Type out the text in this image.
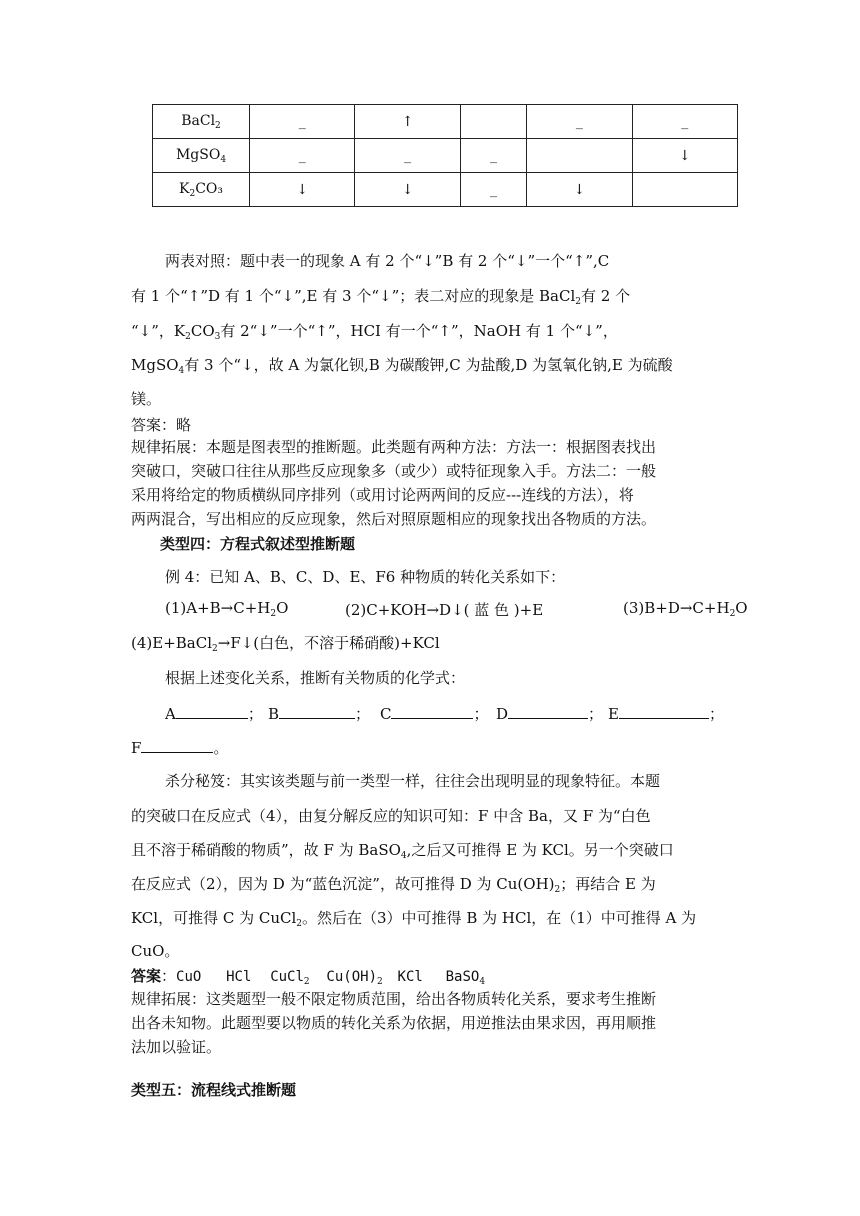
BaCl$_2$	_	↑		_	_
MgSO$_4$	_	_	_		↓
$K_2CO_3$	↓	↓	_	↓	
两表对照：题中表一的现象 A 有 2 个“↓”B 有 2 个“↓”一个“↑”,C
有 1 个“↑”D 有 1 个“↓”,E 有 3 个“↓”；表二对应的现象是 BaCl$_2$有 2 个
“↓”，$K_2CO_3$有 2“↓”一个“↑”，HCI 有一个“↑”，NaOH 有 1 个“↓”，
MgSO$_4$有 3 个“↓，故 A 为氯化钡,B 为碳酸钾,C 为盐酸,D 为氢氧化钠,E 为硫酸
镁。
答案：略
规律拓展：本题是图表型的推断题。此类题有两种方法：方法一：根据图表找出
突破口，突破口往往从那些反应现象多（或少）或特征现象入手。方法二：一般
采用将给定的物质横纵同序排列（或用讨论两两间的反应---连线的方法），将
两两混合，写出相应的反应现象，然后对照原题相应的现象找出各物质的方法。
类型四：方程式叙述型推断题
例 4：已知 A、B、C、D、E、F6 种物质的转化关系如下：
$(1)A+B\to C+H_2O$	(2)C+KOH→D↓( 蓝 色 )+E	$(3)B+D\to C+H_2O$
(4)E+BaCl$_2$→F↓(白色，不溶于稀硝酸)+KCl
根据上述变化关系，推断有关物质的化学式：
A	； B	； C	； D	； E	；
F	。
杀分秘笈：其实该类题与前一类型一样，往往会出现明显的现象特征。本题
的突破口在反应式（4），由复分解反应的知识可知：F 中含 Ba，又 F 为“白色
且不溶于稀硝酸的物质”，故 F 为 BaSO$_4$,之后又可推得 E 为 KCl。另一个突破口
在反应式（2），因为 D 为“蓝色沉淀”，故可推得 D 为 $Cu(OH)_2$；再结合 E 为
KCl，可推得 C 为 CuCl$_2$。然后在（3）中可推得 B 为 HCl，在（1）中可推得 A 为
CuO。
答案：CuO HCl CuCl$_2$ $Cu(OH)_2$ KCl BaSO$_4$
规律拓展：这类题型一般不限定物质范围，给出各物质转化关系，要求考生推断
出各未知物。此题型要以物质的转化关系为依据，用逆推法由果求因，再用顺推
法加以验证。
类型五：流程线式推断题
